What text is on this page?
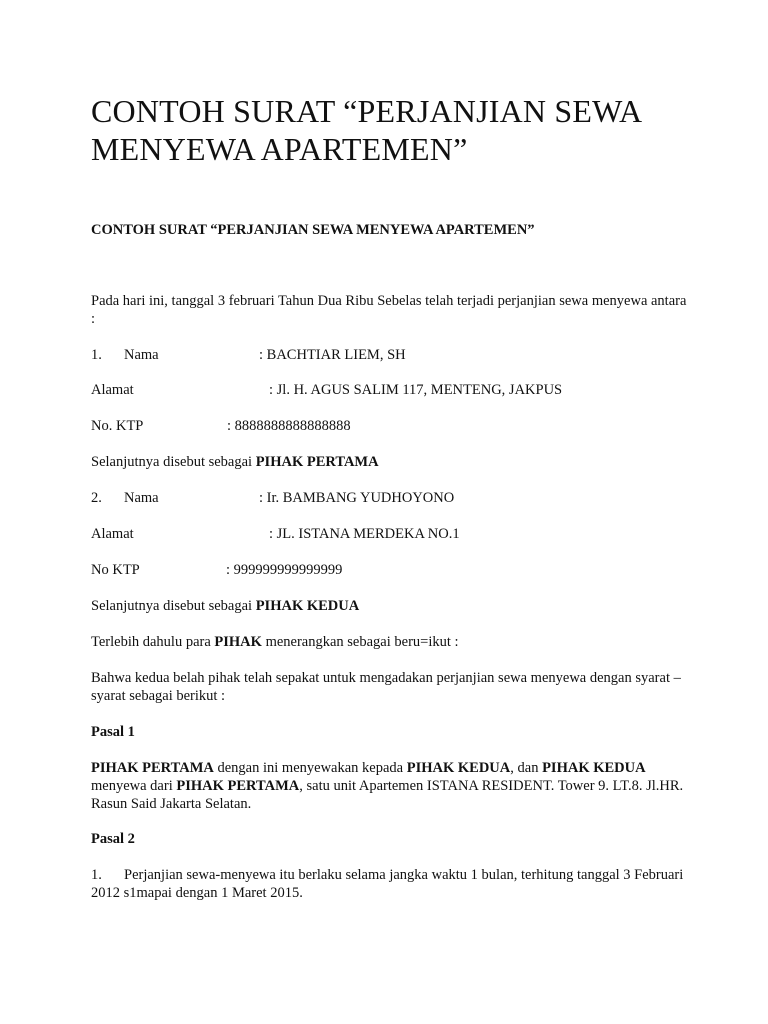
CONTOH SURAT “PERJANJIAN SEWA MENYEWA APARTEMEN”

CONTOH SURAT “PERJANJIAN SEWA MENYEWA APARTEMEN”

Pada hari ini, tanggal 3 februari Tahun Dua Ribu Sebelas telah terjadi perjanjian sewa menyewa antara :

1. Nama	: BACHTIAR LIEM, SH
Alamat	: Jl. H. AGUS SALIM 117, MENTENG, JAKPUS
No. KTP	: 8888888888888888
Selanjutnya disebut sebagai PIHAK PERTAMA
2. Nama	: Ir. BAMBANG YUDHOYONO
Alamat	: JL. ISTANA MERDEKA NO.1
No KTP	: 999999999999999
Selanjutnya disebut sebagai PIHAK KEDUA
Terlebih dahulu para PIHAK menerangkan sebagai beru=ikut :

Bahwa kedua belah pihak telah sepakat untuk mengadakan perjanjian sewa menyewa dengan syarat – syarat sebagai berikut :

Pasal 1

PIHAK PERTAMA dengan ini menyewakan kepada PIHAK KEDUA, dan PIHAK KEDUA menyewa dari PIHAK PERTAMA, satu unit Apartemen ISTANA RESIDENT. Tower 9. LT.8. Jl.HR. Rasun Said Jakarta Selatan.

Pasal 2

1. Perjanjian sewa-menyewa itu berlaku selama jangka waktu 1 bulan, terhitung tanggal 3 Februari 2012 s1mapai dengan 1 Maret 2015.
